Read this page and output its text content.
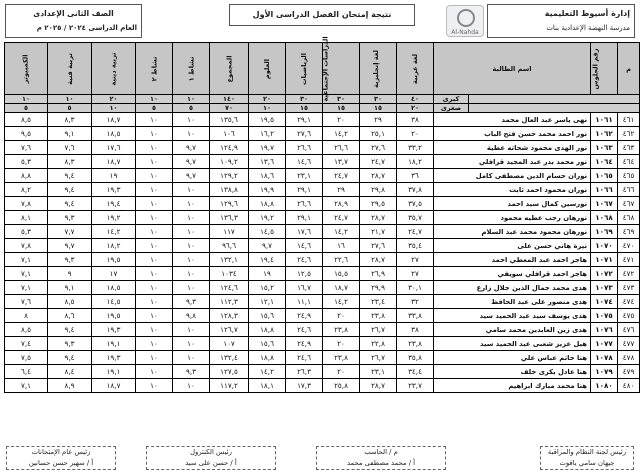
إدارة أسيوط التعليمية
مدرسة النهضة الإعدادية بنات
Al-Nahda
نتيجة إمتحان الفصل الدراسى الأول
الصف الثانى الإعدادى
العام الدراسى ٢٠٢٤ / ٢٠٢٥ م
م	رقم الجلوس	اسم الطالبة		لغة عربية	لغة إنجليزية	الدراسات الإجتماعية	الرياضيات	العلوم	المجموع	نشاط ١	نشاط ٢	تربية دينية	تربية فنية	الكمبيوتر
			كبرى	٤٠	٣٠	٣٠	٣٠	٢٠	١٤٠	١٠	١٠	٢٠	١٠	١٠
			صغرى	٢٠	١٥	١٥	١٥	١٠	٧٠	٥	٥	١٠	٥	٥
٤٦١	١٠٦١	نهى ياسر عبد العال محمد		٣٨	٢٩	٢٠	٢٩,١	١٩,٥	١٣٥,٦	١٠	١٠	١٨,٧	٨,٣	٨,٥
٤٦٢	١٠٦٢	نور احمد محمد حسن فتح الباب		٢٠	٢٥,١	١٤,٢	٢٧,٦	١٦,٢	١٠٦	١٠	١٠	١٨,٥	٩,١	٩,٥
٤٦٣	١٠٦٣	نور الهدى محمود شحاته عطية		٣٣,٢	٢٧,٦	٢٦,٦	٢٦,٦	١٩,٧	١٢٤,٩	٩,٧	١٠	١٧,٦	٧,٦	٧,٦
٤٦٤	١٠٦٤	نور محمد بدر عبد المجيد قرافلي		١٨,٢	٢٤,٧	١٣,٧	١٤,٦	١٣,٦	١٠٩,٢	٩,٧	١٠	١٨,٧	٨,٣	٥,٣
٤٦٥	١٠٦٥	نوران حسام الدين مصطفى كامل		٣٦	٢٨,٧	٢٤,٧	٢٣,١	١٨,٦	١٢٩,٢	٩,٧	١٠	١٩	٩,٤	٨,٨
٤٦٦	١٠٦٦	نوران محمود احمد ثابت		٣٧,٨	٢٩,٨	٢٩	٢٩,١	١٩,٩	١٣٨,٨	١٠	١٠	١٩,٣	٩,٤	٨,٢
٤٦٧	١٠٦٧	نورسين كمال سيد احمد		٣٧,٥	٢٩,٥	٢٨,٩	٢٦,٦	١٨,٨	١٢٩,٦	١٠	١٠	١٩,٤	٩,٤	٧,٨
٤٦٨	١٠٦٨	نورهان رجب عطيه محمود		٣٥,٧	٢٨,٧	٢٤,٧	٢٩,١	١٩,٢	١٣٦,٣	١٠	١٠	١٩,٢	٩,٣	٨,١
٤٦٩	١٠٦٩	نورهان محمود محمد عبد السلام		٢٤,٧	٢١,٧	١٤,٢	١٧,٦	١٤,٥	١١٧	١٠	١٠	١٤,٢	٧,٧	٥,٣
٤٧٠	١٠٧٠	نيرة هاني حسن على		٣٥,٤	٢٧,٦	١٦	١٤,٦	٩,٧	٩٦,٦	١٠	١٠	١٨,٢	٩,٧	٧,٨
٤٧١	١٠٧١	هاجر احمد عبد المعطي احمد		٢٧	٢٨,٧	٢٢,٦	٢٤,٦	١٩,٤	١٣٢,١	١٠	١٠	١٩,٥	٩,٣	٧,١
٤٧٢	١٠٧٢	هاجر احمد قرافلي سويفي		٢٧	٢٦,٩	١٥,٥	١٢,٥	١٩	١٠٣٤	١٠	١٠	١٧	٩	٧,١
٤٧٣	١٠٧٣	هدى محمد جمال الدين جلال زارع		٣٠,١	٢٩,٩	١٨,٧	١٦,٧	١٥,٢	١٢٤,٦	١٠	١٠	١٨,٥	٩,١	٧,١
٤٧٤	١٠٧٤	هدى منصور على عبد الحافظ		٣٢	٢٣,٤	١٤,٢	١١,١	١٢,١	١١٢,٣	٩,٣	١٠	١٤,٥	٨,٥	٧,٦
٤٧٥	١٠٧٥	هدى يوسف سيد عبد الحميد سيد		٣٣,٨	٢٣,٨	٢٠	٢٤,٩	١٥,٦	١٢٨,٣	٩,٨	١٠	١٩,٥	٨,٦	٨
٤٧٦	١٠٧٦	هدى زين العابدين محمد سامي		٣٨	٢٦,٧	٢٣,٨	٢٤,٦	١٨,٨	١٢٦,٧	١٠	١٠	١٩,٣	٩,٤	٨,٥
٤٧٧	١٠٧٧	هيل عزيز شعبى عبد الحميد سيد		٢٣,٨	٢٢,٨	٢٠	٢٤,٩	١٥,٦	١٠٧	١٠	١٠	١٩,١	٩,٣	٧,٤
٤٧٨	١٠٧٨	هنا حاتم عباس علي		٣٥,٨	٢٦,٧	٢٣,٨	٢٤,٦	١٨,٨	١٣٢,٤	١٠	١٠	١٩,٣	٩,٤	٧,٥
٤٧٩	١٠٧٩	هنا عادل بكرى خلف		٣٤,٤	٢٣,١	٢٠	٢٦,٣	١٤,٢	١٢٧,٥	٩,٣	١٠	١٩,١	٨,٤	٦,٤
٤٨٠	١٠٨٠	هنا محمد مبارك ابراهيم		٢٣,٧	٢٨,٧	٢٥,٨	١٧,٣	١٨,١	١١٧,٢	١٠	١٠	١٨,٧	٨,٩	٧,١
رئيس لجنة النظام والمراقبة
جيهان سامي ياقوت
م / الحاسب
أ / محمد مصطفى محمد
رئيس الكنترول
أ / حسن على سيد
رئيس عام الإمتحانات
أ / سهير حسن حسانين
